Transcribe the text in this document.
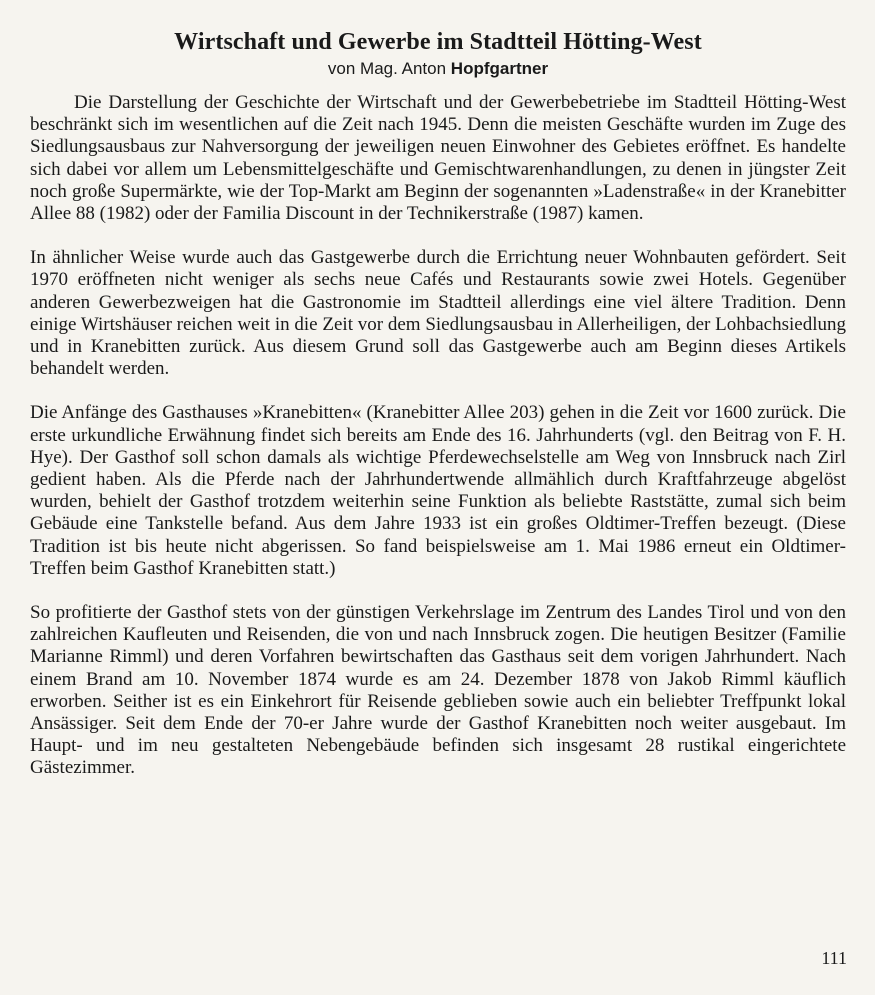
Wirtschaft und Gewerbe im Stadtteil Hötting-West

von Mag. Anton Hopfgartner

Die Darstellung der Geschichte der Wirtschaft und der Gewerbebetriebe im Stadtteil Hötting-West beschränkt sich im wesentlichen auf die Zeit nach 1945. Denn die meisten Geschäfte wurden im Zuge des Siedlungsausbaus zur Nahversorgung der jeweiligen neuen Einwohner des Gebietes eröffnet. Es handelte sich dabei vor allem um Lebensmittelgeschäfte und Gemischtwarenhandlungen, zu denen in jüngster Zeit noch große Supermärkte, wie der Top-Markt am Beginn der sogenannten »Ladenstraße« in der Kranebitter Allee 88 (1982) oder der Familia Discount in der Technikerstraße (1987) kamen.

In ähnlicher Weise wurde auch das Gastgewerbe durch die Errichtung neuer Wohnbauten gefördert. Seit 1970 eröffneten nicht weniger als sechs neue Cafés und Restaurants sowie zwei Hotels. Gegenüber anderen Gewerbezweigen hat die Gastronomie im Stadtteil allerdings eine viel ältere Tradition. Denn einige Wirtshäuser reichen weit in die Zeit vor dem Siedlungsausbau in Allerheiligen, der Lohbachsiedlung und in Kranebitten zurück. Aus diesem Grund soll das Gastgewerbe auch am Beginn dieses Artikels behandelt werden.

Die Anfänge des Gasthauses »Kranebitten« (Kranebitter Allee 203) gehen in die Zeit vor 1600 zurück. Die erste urkundliche Erwähnung findet sich bereits am Ende des 16. Jahrhunderts (vgl. den Beitrag von F. H. Hye). Der Gasthof soll schon damals als wichtige Pferdewechselstelle am Weg von Innsbruck nach Zirl gedient haben. Als die Pferde nach der Jahrhundertwende allmählich durch Kraftfahrzeuge abgelöst wurden, behielt der Gasthof trotzdem weiterhin seine Funktion als beliebte Raststätte, zumal sich beim Gebäude eine Tankstelle befand. Aus dem Jahre 1933 ist ein großes Oldtimer-Treffen bezeugt. (Diese Tradition ist bis heute nicht abgerissen. So fand beispielsweise am 1. Mai 1986 erneut ein Oldtimer-Treffen beim Gasthof Kranebitten statt.)

So profitierte der Gasthof stets von der günstigen Verkehrslage im Zentrum des Landes Tirol und von den zahlreichen Kaufleuten und Reisenden, die von und nach Innsbruck zogen. Die heutigen Besitzer (Familie Marianne Rimml) und deren Vorfahren bewirtschaften das Gasthaus seit dem vorigen Jahrhundert. Nach einem Brand am 10. November 1874 wurde es am 24. Dezember 1878 von Jakob Rimml käuflich erworben. Seither ist es ein Einkehrort für Reisende geblieben sowie auch ein beliebter Treffpunkt lokal Ansässiger. Seit dem Ende der 70-er Jahre wurde der Gasthof Kranebitten noch weiter ausgebaut. Im Haupt- und im neu gestalteten Nebengebäude befinden sich insgesamt 28 rustikal eingerichtete Gästezimmer.

111
